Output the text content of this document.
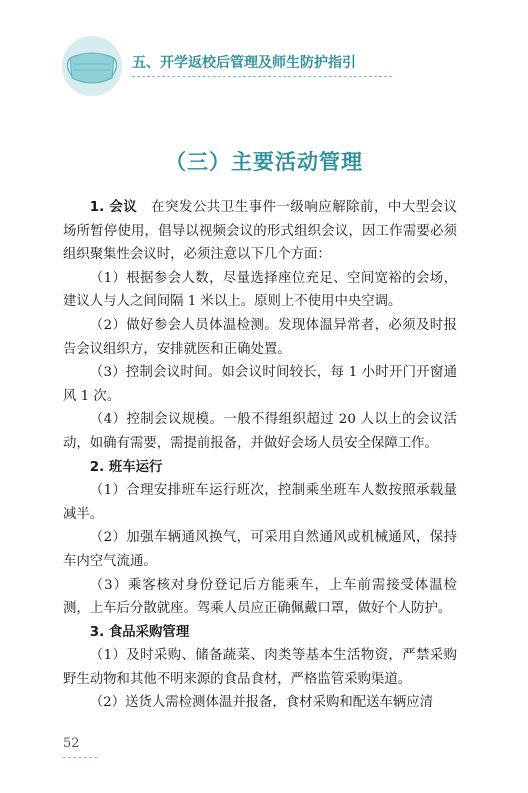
五、开学返校后管理及师生防护指引
（三）主要活动管理

1. 会议　在突发公共卫生事件一级响应解除前，中大型会议场所暂停使用，倡导以视频会议的形式组织会议，因工作需要必须组织聚集性会议时，必须注意以下几个方面：

（1）根据参会人数，尽量选择座位充足、空间宽裕的会场，建议人与人之间间隔 1 米以上。原则上不使用中央空调。

（2）做好参会人员体温检测。发现体温异常者，必须及时报告会议组织方，安排就医和正确处置。

（3）控制会议时间。如会议时间较长，每 1 小时开门开窗通风 1 次。

（4）控制会议规模。一般不得组织超过 20 人以上的会议活动，如确有需要，需提前报备，并做好会场人员安全保障工作。

2. 班车运行

（1）合理安排班车运行班次，控制乘坐班车人数按照承载量减半。

（2）加强车辆通风换气，可采用自然通风或机械通风，保持车内空气流通。

（3）乘客核对身份登记后方能乘车，上车前需接受体温检测，上车后分散就座。驾乘人员应正确佩戴口罩，做好个人防护。

3. 食品采购管理

（1）及时采购、储备蔬菜、肉类等基本生活物资，严禁采购野生动物和其他不明来源的食品食材，严格监管采购渠道。

（2）送货人需检测体温并报备，食材采购和配送车辆应清

52
